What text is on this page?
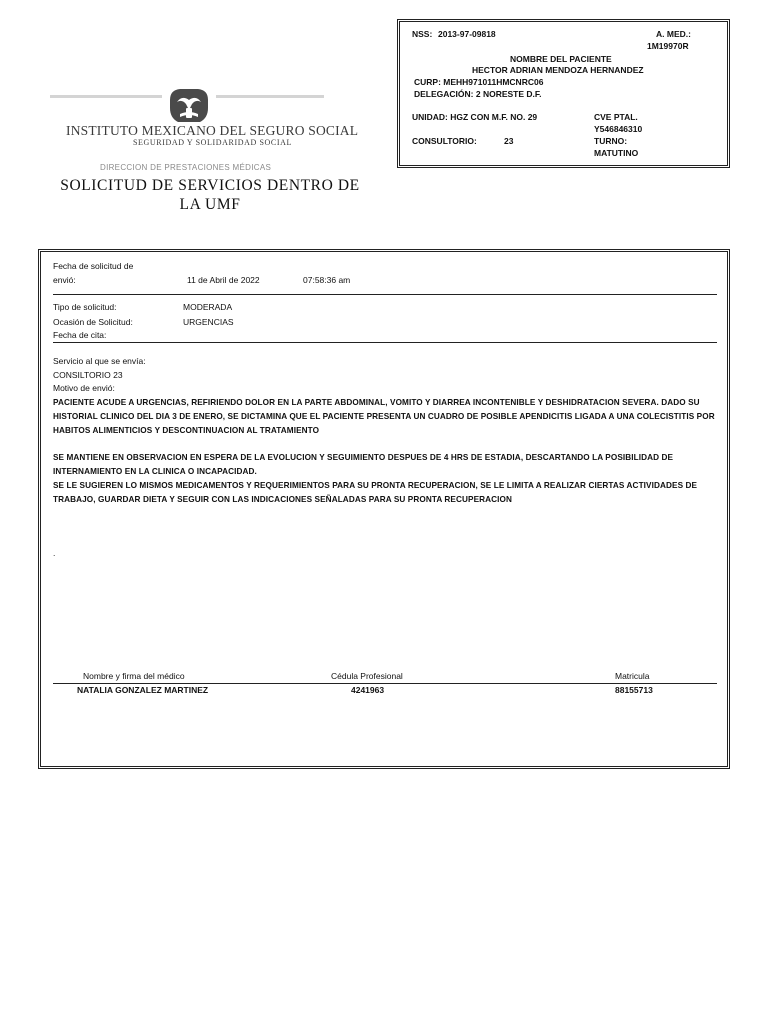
INSTITUTO MEXICANO DEL SEGURO SOCIAL
SEGURIDAD Y SOLIDARIDAD SOCIAL
DIRECCION DE PRESTACIONES MÉDICAS
SOLICITUD DE SERVICIOS DENTRO DE
LA UMF
NSS: 2013-97-09818	A. MED.:
1M19970R
NOMBRE DEL PACIENTE
HECTOR ADRIAN MENDOZA HERNANDEZ
CURP: MEHH971011HMCNRC06
DELEGACIÓN: 2 NORESTE D.F.
UNIDAD: HGZ CON M.F. NO. 29	CVE PTAL.
Y546846310
CONSULTORIO:	23	TURNO:
MATUTINO
Fecha de solicitud de
envió:	11 de Abril de 2022	07:58:36 am
Tipo de solicitud:	MODERADA
Ocasión de Solicitud:	URGENCIAS
Fecha de cita:
Servicio al que se envía:
CONSILTORIO 23
Motivo de envió:
PACIENTE ACUDE A URGENCIAS, REFIRIENDO DOLOR EN LA PARTE ABDOMINAL, VOMITO Y DIARREA INCONTENIBLE Y DESHIDRATACION SEVERA. DADO SU HISTORIAL CLINICO DEL DIA 3 DE ENERO, SE DICTAMINA QUE EL PACIENTE PRESENTA UN CUADRO DE POSIBLE APENDICITIS LIGADA A UNA COLECISTITIS POR HABITOS ALIMENTICIOS Y DESCONTINUACION AL TRATAMIENTO
SE MANTIENE EN OBSERVACION EN ESPERA DE LA EVOLUCION Y SEGUIMIENTO DESPUES DE 4 HRS DE ESTADIA, DESCARTANDO LA POSIBILIDAD DE INTERNAMIENTO EN LA CLINICA O INCAPACIDAD.
SE LE SUGIEREN LO MISMOS MEDICAMENTOS Y REQUERIMIENTOS PARA SU PRONTA RECUPERACION, SE LE LIMITA A REALIZAR CIERTAS ACTIVIDADES DE TRABAJO, GUARDAR DIETA Y SEGUIR CON LAS INDICACIONES SEÑALADAS PARA SU PRONTA RECUPERACION
.
Nombre y firma del médico	Cédula Profesional	Matricula
NATALIA GONZALEZ MARTINEZ	4241963	88155713
